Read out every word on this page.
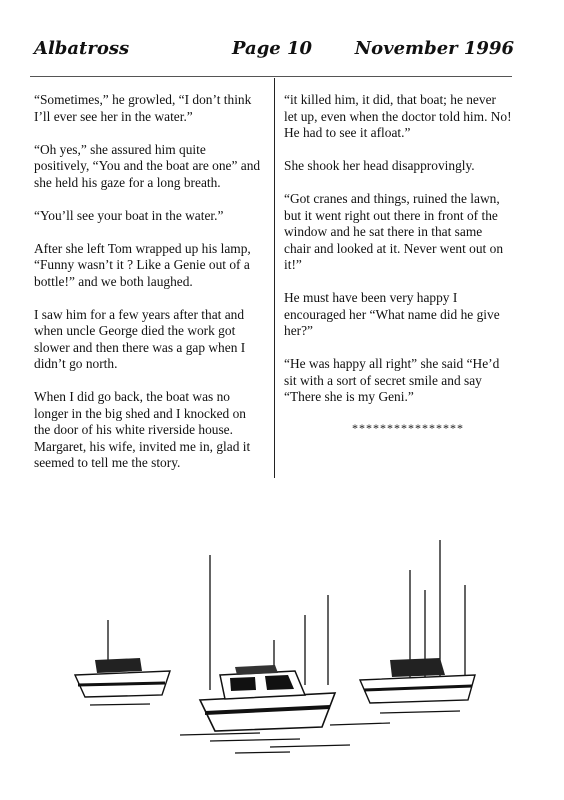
Albatross	Page 10 November 1996

“Sometimes,” he growled, “I don’t think I’ll ever see her in the water.”

“Oh yes,” she assured him quite positively, “You and the boat are one” and she held his gaze for a long breath.

“You’ll see your boat in the water.”

After she left Tom wrapped up his lamp, “Funny wasn’t it ? Like a Genie out of a bottle!” and we both laughed.

I saw him for a few years after that and when uncle George died the work got slower and then there was a gap when I didn’t go north.

When I did go back, the boat was no longer in the big shed and I knocked on the door of his white riverside house. Margaret, his wife, invited me in, glad it seemed to tell me the story.

“it killed him, it did, that boat; he never let up, even when the doctor told him. No! He had to see it afloat.”

She shook her head disapprovingly.

“Got cranes and things, ruined the lawn, but it went right out there in front of the window and he sat there in that same chair and looked at it. Never went out on it!”

He must have been very happy I encouraged her “What name did he give her?”

“He was happy all right” she said “He’d sit with a sort of secret smile and say “There she is my Geni.”

****************
